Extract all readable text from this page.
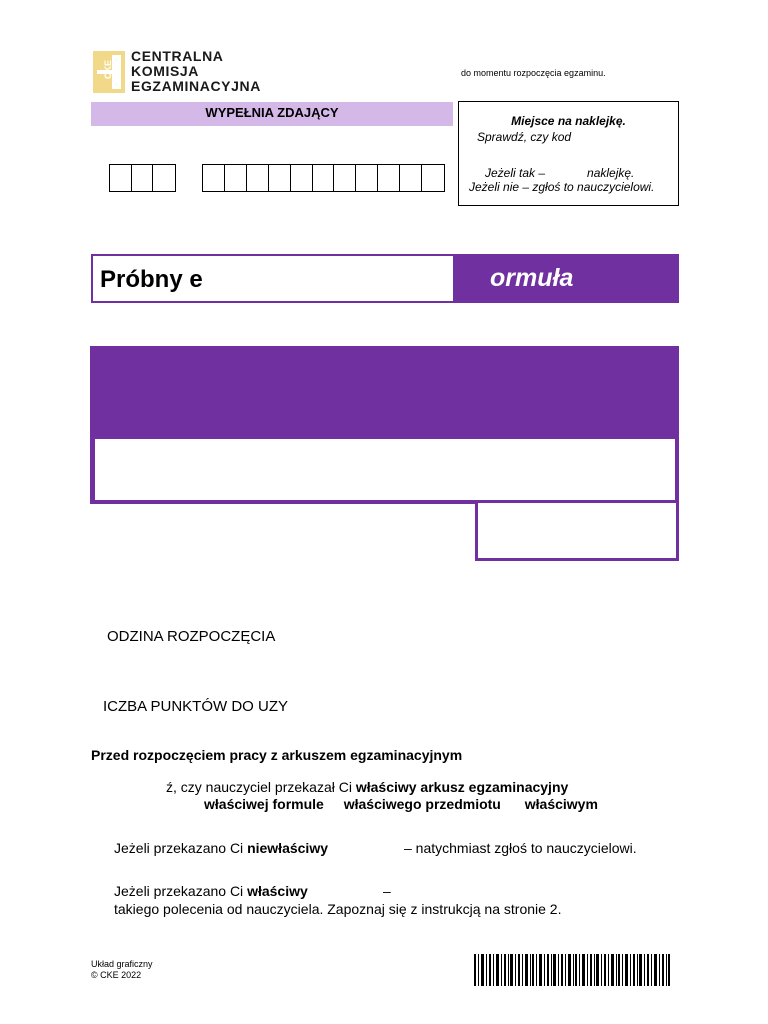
CKE
CENTRALNA
KOMISJA
EGZAMINACYJNA
do momentu rozpoczęcia egzaminu.
WYPEŁNIA ZDAJĄCY
Miejsce na naklejkę.
Sprawdź, czy kod
Jeżeli tak –	naklejkę.
Jeżeli nie – zgłoś to nauczycielowi.
Próbny e	ormuła
ODZINA ROZPOCZĘCIA
ICZBA PUNKTÓW DO UZY
Przed rozpoczęciem pracy z arkuszem egzaminacyjnym
ź, czy nauczyciel przekazał Ci właściwy arkusz egzaminacyjny
właściwej formule właściwego przedmiotu właściwym
Jeżeli przekazano Ci niewłaściwy	– natychmiast zgłoś to nauczycielowi.
Jeżeli przekazano Ci właściwy	–
takiego polecenia od nauczyciela. Zapoznaj się z instrukcją na stronie 2.
Układ graficzny
© CKE 2022
